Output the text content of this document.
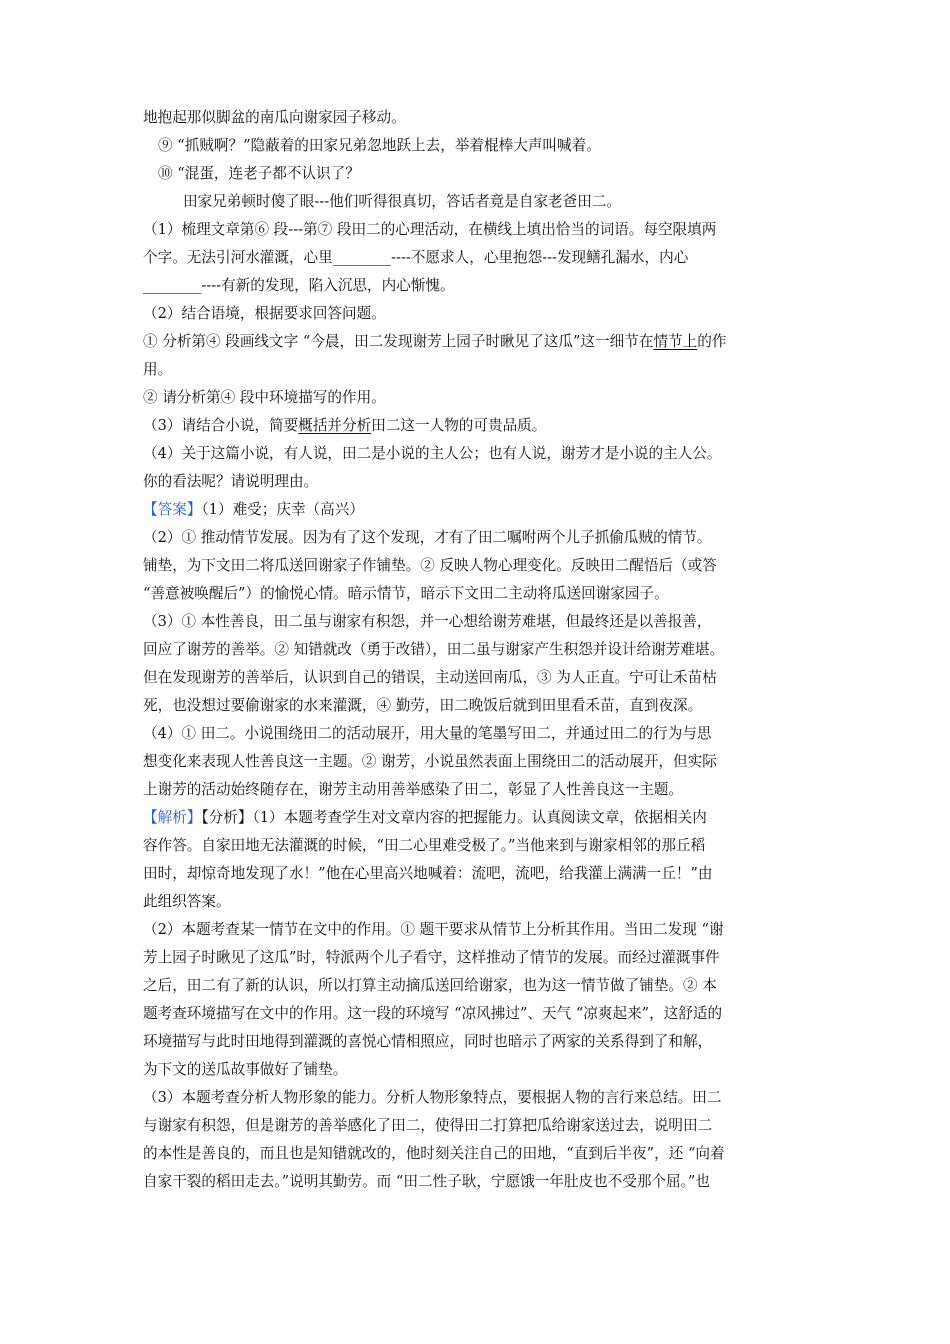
地抱起那似脚盆的南瓜向谢家园子移动。
⑨ “抓贼啊？”隐蔽着的田家兄弟忽地跃上去，举着棍棒大声叫喊着。
⑩ “混蛋，连老子都不认识了？
田家兄弟顿时傻了眼---他们听得很真切，答话者竟是自家老爸田二。
（1）梳理文章第⑥ 段---第⑦ 段田二的心理活动，在横线上填出恰当的词语。每空限填两
个字。无法引河水灌溉，心里________----不愿求人，心里抱怨---发现鳝孔漏水，内心
________----有新的发现，陷入沉思，内心惭愧。
（2）结合语境，根据要求回答问题。
① 分析第④ 段画线文字 “今晨，田二发现谢芳上园子时瞅见了这瓜”这一细节在情节上的作
用。
② 请分析第④ 段中环境描写的作用。
（3）请结合小说，简要概括并分析田二这一人物的可贵品质。
（4）关于这篇小说，有人说，田二是小说的主人公；也有人说，谢芳才是小说的主人公。
你的看法呢？请说明理由。
【答案】（1）难受；庆幸（高兴）
（2）① 推动情节发展。因为有了这个发现，才有了田二嘱咐两个儿子抓偷瓜贼的情节。
铺垫，为下文田二将瓜送回谢家子作铺垫。② 反映人物心理变化。反映田二醒悟后（或答
“善意被唤醒后”）的愉悦心情。暗示情节，暗示下文田二主动将瓜送回谢家园子。
（3）① 本性善良，田二虽与谢家有积怨，并一心想给谢芳难堪，但最终还是以善报善，
回应了谢芳的善举。② 知错就改（勇于改错），田二虽与谢家产生积怨并设计给谢芳难堪。
但在发现谢芳的善举后，认识到自己的错误，主动送回南瓜，③ 为人正直。宁可让禾苗枯
死，也没想过要偷谢家的水来灌溉，④ 勤劳，田二晚饭后就到田里看禾苗，直到夜深。
（4）① 田二。小说围绕田二的活动展开，用大量的笔墨写田二，并通过田二的行为与思
想变化来表现人性善良这一主题。② 谢芳，小说虽然表面上围绕田二的活动展开，但实际
上谢芳的活动始终随存在，谢芳主动用善举感染了田二，彰显了人性善良这一主题。
【解析】【分析】（1）本题考查学生对文章内容的把握能力。认真阅读文章，依据相关内
容作答。自家田地无法灌溉的时候，“田二心里难受极了。”当他来到与谢家相邻的那丘稻
田时，却惊奇地发现了水！”他在心里高兴地喊着：流吧，流吧，给我灌上满满一丘！”由
此组织答案。
（2）本题考查某一情节在文中的作用。① 题干要求从情节上分析其作用。当田二发现 “谢
芳上园子时瞅见了这瓜”时，特派两个儿子看守，这样推动了情节的发展。而经过灌溉事件
之后，田二有了新的认识，所以打算主动摘瓜送回给谢家，也为这一情节做了铺垫。② 本
题考查环境描写在文中的作用。这一段的环境写 “凉风拂过”、天气 “凉爽起来”，这舒适的
环境描写与此时田地得到灌溉的喜悦心情相照应，同时也暗示了两家的关系得到了和解，
为下文的送瓜故事做好了铺垫。
（3）本题考查分析人物形象的能力。分析人物形象特点，要根据人物的言行来总结。田二
与谢家有积怨，但是谢芳的善举感化了田二，使得田二打算把瓜给谢家送过去，说明田二
的本性是善良的，而且也是知错就改的，他时刻关注自己的田地，“直到后半夜”，还 “向着
自家干裂的稻田走去。”说明其勤劳。而 “田二性子耿，宁愿饿一年肚皮也不受那个屈。”也
